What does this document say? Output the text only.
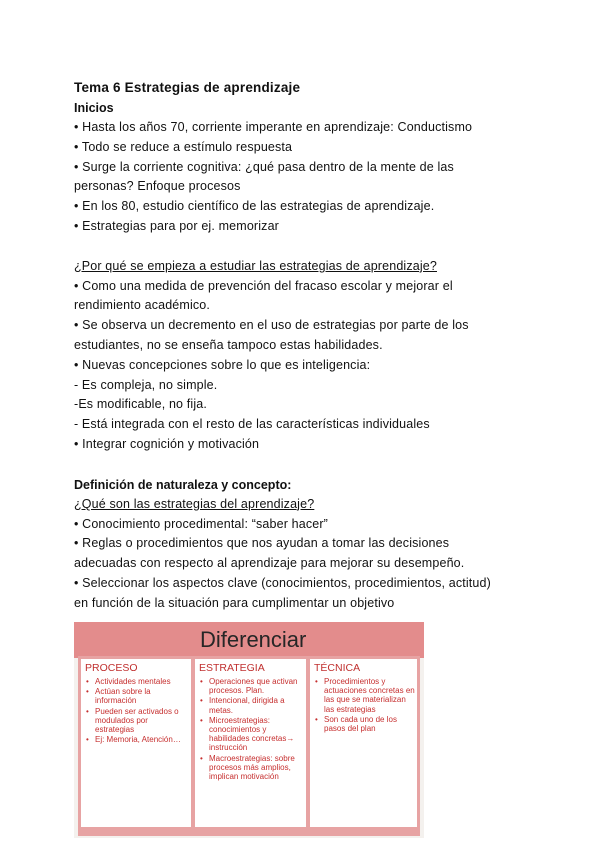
Tema 6 Estrategias de aprendizaje

Inicios

• Hasta los años 70, corriente imperante en aprendizaje: Conductismo

• Todo se reduce a estímulo respuesta

• Surge la corriente cognitiva: ¿qué pasa dentro de la mente de las

personas? Enfoque procesos

• En los 80, estudio científico de las estrategias de aprendizaje.

• Estrategias para por ej. memorizar

¿Por qué se empieza a estudiar las estrategias de aprendizaje?

• Como una medida de prevención del fracaso escolar y mejorar el

rendimiento académico.

• Se observa un decremento en el uso de estrategias por parte de los

estudiantes, no se enseña tampoco estas habilidades.

• Nuevas concepciones sobre lo que es inteligencia:

- Es compleja, no simple.

-Es modificable, no fija.

- Está integrada con el resto de las características individuales

• Integrar cognición y motivación

Definición de naturaleza y concepto:

¿Qué son las estrategias del aprendizaje?

• Conocimiento procedimental: “saber hacer”

• Reglas o procedimientos que nos ayudan a tomar las decisiones

adecuadas con respecto al aprendizaje para mejorar su desempeño.

• Seleccionar los aspectos clave (conocimientos, procedimientos, actitud)

en función de la situación para cumplimentar un objetivo

Diferenciar
PROCESO
• Actividades mentales
• Actúan sobre la información
• Pueden ser activados o modulados por estrategias
• Ej: Memoria, Atención…
ESTRATEGIA
• Operaciones que activan procesos. Plan.
• Intencional, dirigida a metas.
• Microestrategias: conocimientos y habilidades concretas→ instrucción
• Macroestrategias: sobre procesos más amplios, implican motivación
TÉCNICA
• Procedimientos y actuaciones concretas en las que se materializan las estrategias
• Son cada uno de los pasos del plan
